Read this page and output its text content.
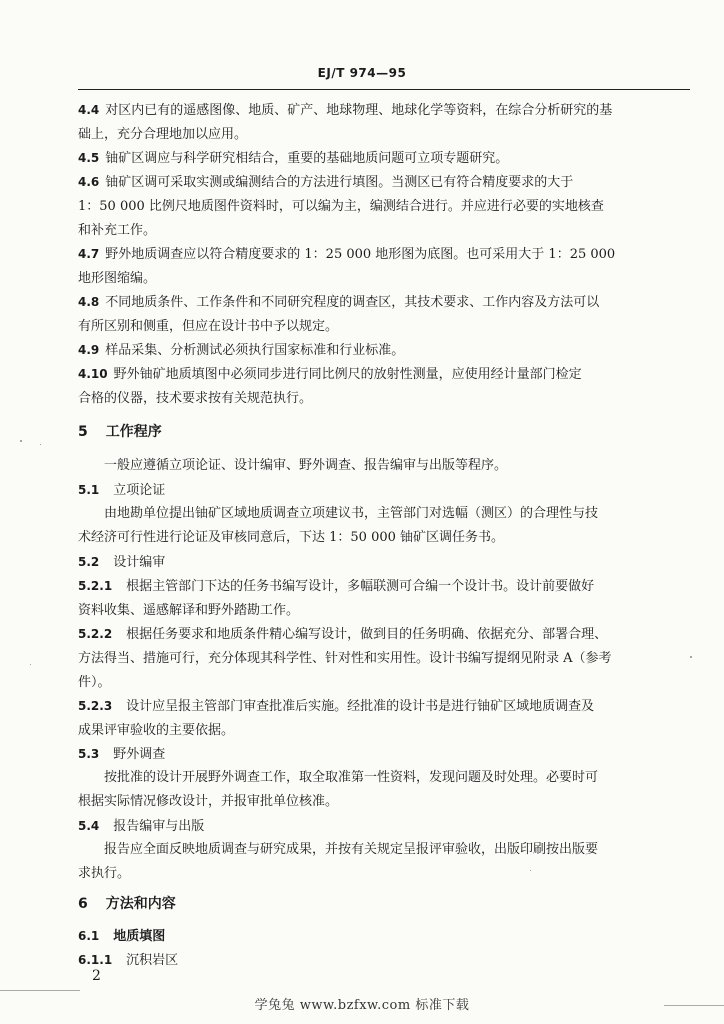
EJ/T 974—95

4.4 对区内已有的遥感图像、地质、矿产、地球物理、地球化学等资料，在综合分析研究的基
础上，充分合理地加以应用。

4.5 铀矿区调应与科学研究相结合，重要的基础地质问题可立项专题研究。

4.6 铀矿区调可采取实测或编测结合的方法进行填图。当测区已有符合精度要求的大于
1：50 000 比例尺地质图件资料时，可以编为主，编测结合进行。并应进行必要的实地核查
和补充工作。

4.7 野外地质调查应以符合精度要求的 1：25 000 地形图为底图。也可采用大于 1：25 000
地形图缩编。

4.8 不同地质条件、工作条件和不同研究程度的调查区，其技术要求、工作内容及方法可以
有所区别和侧重，但应在设计书中予以规定。

4.9 样品采集、分析测试必须执行国家标准和行业标准。

4.10 野外铀矿地质填图中必须同步进行同比例尺的放射性测量，应使用经计量部门检定
合格的仪器，技术要求按有关规范执行。

5 工作程序
一般应遵循立项论证、设计编审、野外调查、报告编审与出版等程序。
5.1 立项论证
由地勘单位提出铀矿区域地质调查立项建议书，主管部门对选幅（测区）的合理性与技
术经济可行性进行论证及审核同意后，下达 1：50 000 铀矿区调任务书。
5.2 设计编审

5.2.1 根据主管部门下达的任务书编写设计，多幅联测可合编一个设计书。设计前要做好
资料收集、遥感解译和野外踏勘工作。

5.2.2 根据任务要求和地质条件精心编写设计，做到目的任务明确、依据充分、部署合理、
方法得当、措施可行，充分体现其科学性、针对性和实用性。设计书编写提纲见附录 A（参考
件）。

5.2.3 设计应呈报主管部门审查批准后实施。经批准的设计书是进行铀矿区域地质调查及
成果评审验收的主要依据。

5.3 野外调查
按批准的设计开展野外调查工作，取全取准第一性资料，发现问题及时处理。必要时可
根据实际情况修改设计，并报审批单位核准。
5.4 报告编审与出版
报告应全面反映地质调查与研究成果，并按有关规定呈报评审验收，出版印刷按出版要
求执行。
6 方法和内容
6.1 地质填图
6.1.1 沉积岩区
2
学兔兔 www.bzfxw.com 标准下载
